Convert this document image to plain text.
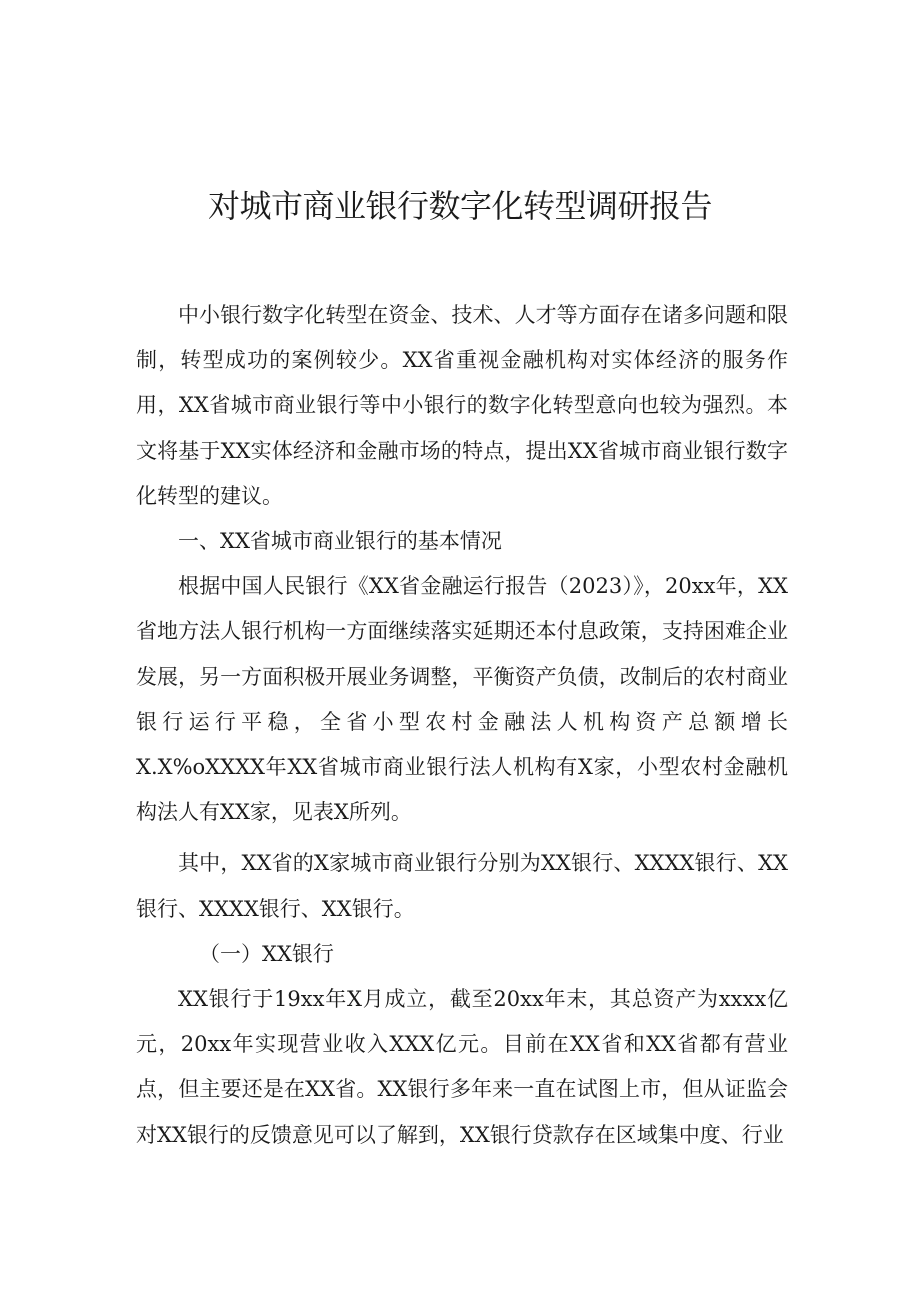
对城市商业银行数字化转型调研报告

中小银行数字化转型在资金、技术、人才等方面存在诸多问题和限制，转型成功的案例较少。XX省重视金融机构对实体经济的服务作用，XX省城市商业银行等中小银行的数字化转型意向也较为强烈。本文将基于XX实体经济和金融市场的特点，提出XX省城市商业银行数字化转型的建议。

一、XX省城市商业银行的基本情况

根据中国人民银行《XX省金融运行报告（2023）》，20xx年，XX省地方法人银行机构一方面继续落实延期还本付息政策，支持困难企业发展，另一方面积极开展业务调整，平衡资产负债，改制后的农村商业银行运行平稳，全省小型农村金融法人机构资产总额增长X.X%oXXXX年XX省城市商业银行法人机构有X家，小型农村金融机构法人有XX家，见表X所列。

其中，XX省的X家城市商业银行分别为XX银行、XXXX银行、XX银行、XXXX银行、XX银行。

（一）XX银行

XX银行于19xx年X月成立，截至20xx年末，其总资产为xxxx亿元，20xx年实现营业收入XXX亿元。目前在XX省和XX省都有营业点，但主要还是在XX省。XX银行多年来一直在试图上市，但从证监会对XX银行的反馈意见可以了解到，XX银行贷款存在区域集中度、行业
